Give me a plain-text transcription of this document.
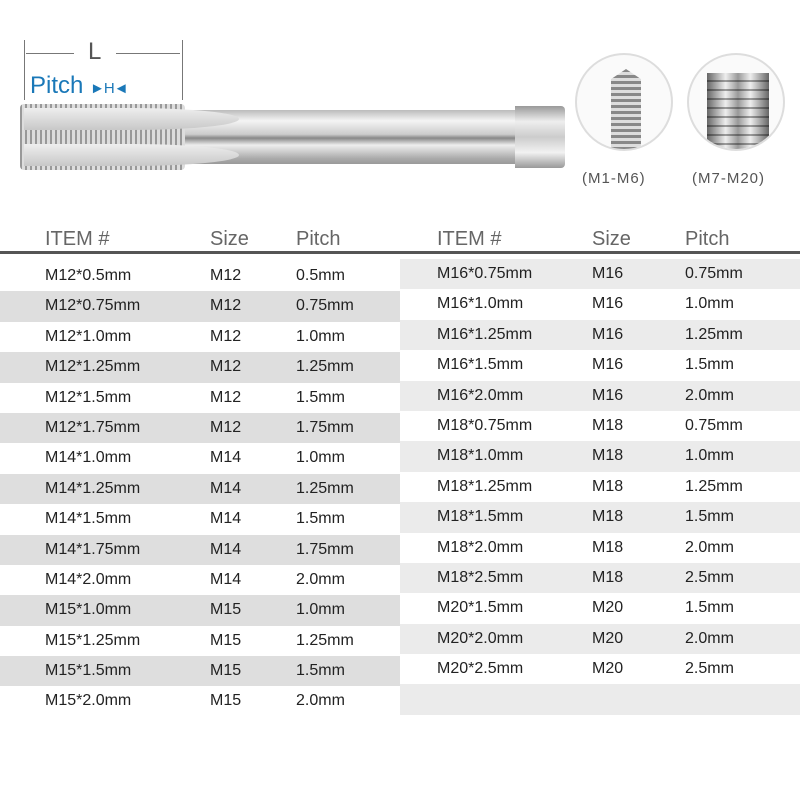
L
Pitch ►H◄
(M1-M6)	(M7-M20)
ITEM #	Size Pitch	ITEM #	Size	Pitch
M12*0.5mm	M12	0.5mm
M12*0.75mm	M12	0.75mm
M12*1.0mm	M12	1.0mm
M12*1.25mm	M12	1.25mm
M12*1.5mm	M12	1.5mm
M12*1.75mm	M12	1.75mm
M14*1.0mm	M14	1.0mm
M14*1.25mm	M14	1.25mm
M14*1.5mm	M14	1.5mm
M14*1.75mm	M14	1.75mm
M14*2.0mm	M14	2.0mm
M15*1.0mm	M15	1.0mm
M15*1.25mm	M15	1.25mm
M15*1.5mm	M15	1.5mm
M15*2.0mm	M15	2.0mm
M16*0.75mm	M16	0.75mm
M16*1.0mm	M16	1.0mm
M16*1.25mm	M16	1.25mm
M16*1.5mm	M16	1.5mm
M16*2.0mm	M16	2.0mm
M18*0.75mm	M18	0.75mm
M18*1.0mm	M18	1.0mm
M18*1.25mm	M18	1.25mm
M18*1.5mm	M18	1.5mm
M18*2.0mm	M18	2.0mm
M18*2.5mm	M18	2.5mm
M20*1.5mm	M20	1.5mm
M20*2.0mm	M20	2.0mm
M20*2.5mm	M20	2.5mm
